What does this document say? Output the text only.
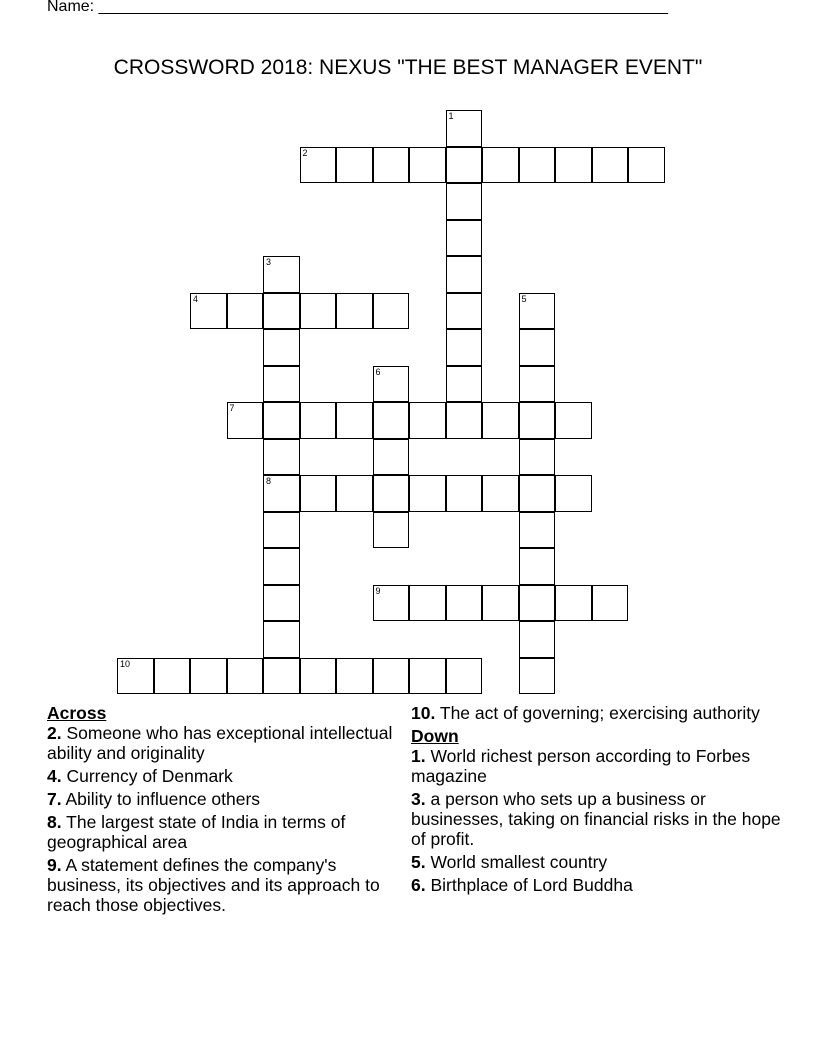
Name: ________________________________________________________________
CROSSWORD 2018: NEXUS "THE BEST MANAGER EVENT"
1
2
3
4	5
6
7
8
9
10
Across
2. Someone who has exceptional intellectual ability and originality
4. Currency of Denmark
7. Ability to influence others
8. The largest state of India in terms of geographical area
9. A statement defines the company's business, its objectives and its approach to reach those objectives.
10. The act of governing; exercising authority
Down
1. World richest person according to Forbes magazine
3. a person who sets up a business or businesses, taking on financial risks in the hope of profit.
5. World smallest country
6. Birthplace of Lord Buddha
